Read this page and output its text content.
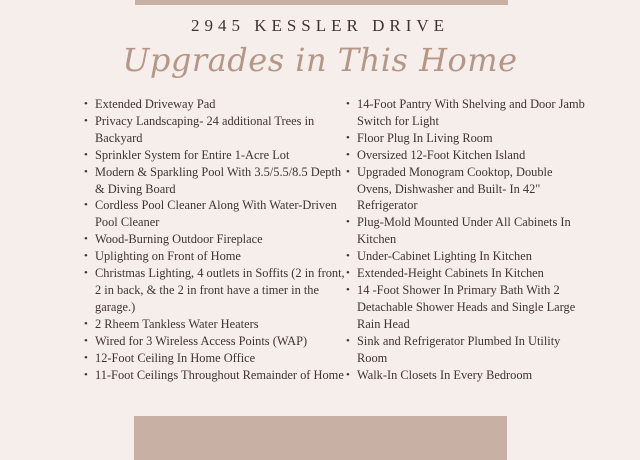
2945 KESSLER DRIVE
Upgrades in This Home
• Extended Driveway Pad
• Privacy Landscaping- 24 additional Trees in Backyard
• Sprinkler System for Entire 1-Acre Lot
• Modern & Sparkling Pool With 3.5/5.5/8.5 Depth & Diving Board
• Cordless Pool Cleaner Along With Water-Driven Pool Cleaner
• Wood-Burning Outdoor Fireplace
• Uplighting on Front of Home
• Christmas Lighting, 4 outlets in Soffits (2 in front, 2 in back, & the 2 in front have a timer in the garage.)
• 2 Rheem Tankless Water Heaters
• Wired for 3 Wireless Access Points (WAP)
• 12-Foot Ceiling In Home Office
• 11-Foot Ceilings Throughout Remainder of Home
• 14-Foot Pantry With Shelving and Door Jamb Switch for Light
• Floor Plug In Living Room
• Oversized 12-Foot Kitchen Island
• Upgraded Monogram Cooktop, Double Ovens, Dishwasher and Built- In 42" Refrigerator
• Plug-Mold Mounted Under All Cabinets In Kitchen
• Under-Cabinet Lighting In Kitchen
• Extended-Height Cabinets In Kitchen
• 14 -Foot Shower In Primary Bath With 2 Detachable Shower Heads and Single Large Rain Head
• Sink and Refrigerator Plumbed In Utility Room
• Walk-In Closets In Every Bedroom
